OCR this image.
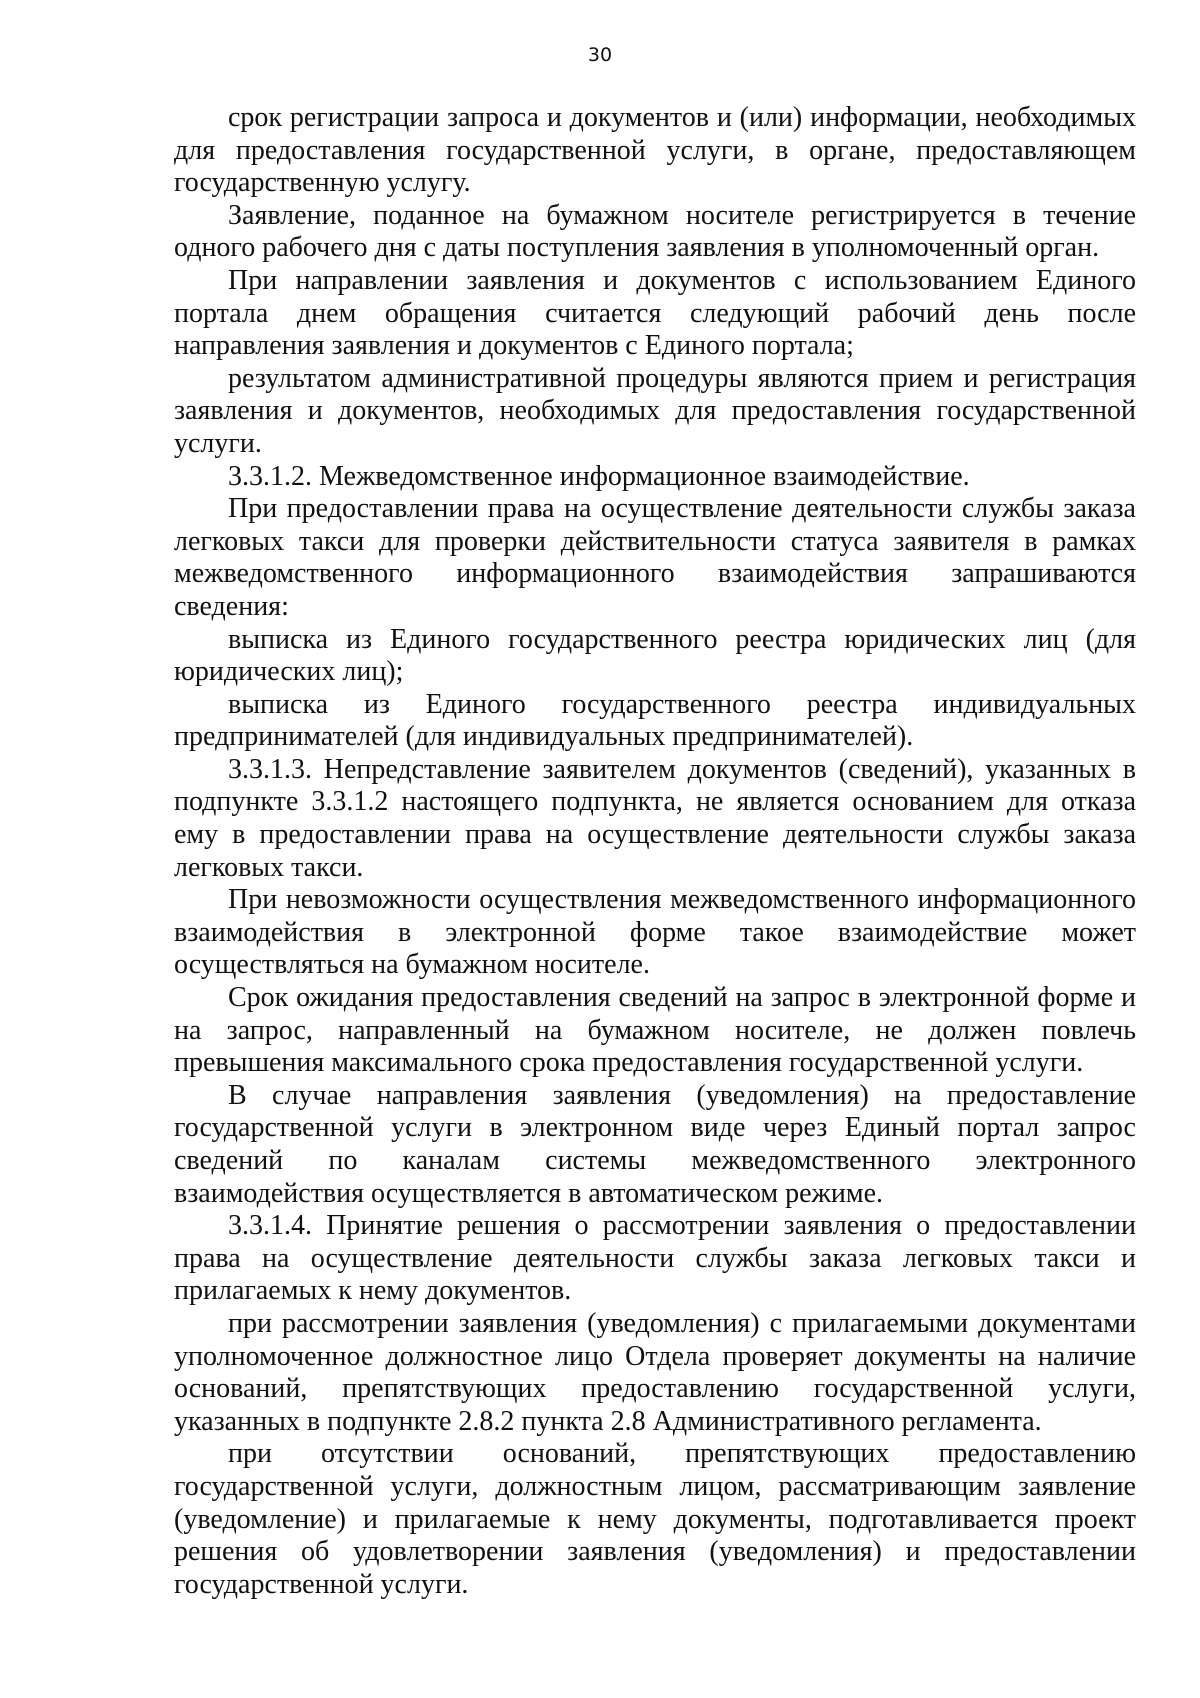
30

срок регистрации запроса и документов и (или) информации, необходимых для предоставления государственной услуги, в органе, предоставляющем государственную услугу.

Заявление, поданное на бумажном носителе регистрируется в течение одного рабочего дня с даты поступления заявления в уполномоченный орган.

При направлении заявления и документов с использованием Единого портала днем обращения считается следующий рабочий день после направления заявления и документов с Единого портала;

результатом административной процедуры являются прием и регистрация заявления и документов, необходимых для предоставления государственной услуги.

3.3.1.2. Межведомственное информационное взаимодействие.

При предоставлении права на осуществление деятельности службы заказа легковых такси для проверки действительности статуса заявителя в рамках межведомственного информационного взаимодействия запрашиваются сведения:

выписка из Единого государственного реестра юридических лиц (для юридических лиц);

выписка из Единого государственного реестра индивидуальных предпринимателей (для индивидуальных предпринимателей).

3.3.1.3. Непредставление заявителем документов (сведений), указанных в подпункте 3.3.1.2 настоящего подпункта, не является основанием для отказа ему в предоставлении права на осуществление деятельности службы заказа легковых такси.

При невозможности осуществления межведомственного информационного взаимодействия в электронной форме такое взаимодействие может осуществляться на бумажном носителе.

Срок ожидания предоставления сведений на запрос в электронной форме и на запрос, направленный на бумажном носителе, не должен повлечь превышения максимального срока предоставления государственной услуги.

В случае направления заявления (уведомления) на предоставление государственной услуги в электронном виде через Единый портал запрос сведений по каналам системы межведомственного электронного взаимодействия осуществляется в автоматическом режиме.

3.3.1.4. Принятие решения о рассмотрении заявления о предоставлении права на осуществление деятельности службы заказа легковых такси и прилагаемых к нему документов.

при рассмотрении заявления (уведомления) с прилагаемыми документами уполномоченное должностное лицо Отдела проверяет документы на наличие оснований, препятствующих предоставлению государственной услуги, указанных в подпункте 2.8.2 пункта 2.8 Административного регламента.

при отсутствии оснований, препятствующих предоставлению государственной услуги, должностным лицом, рассматривающим заявление (уведомление) и прилагаемые к нему документы, подготавливается проект решения об удовлетворении заявления (уведомления) и предоставлении государственной услуги.
